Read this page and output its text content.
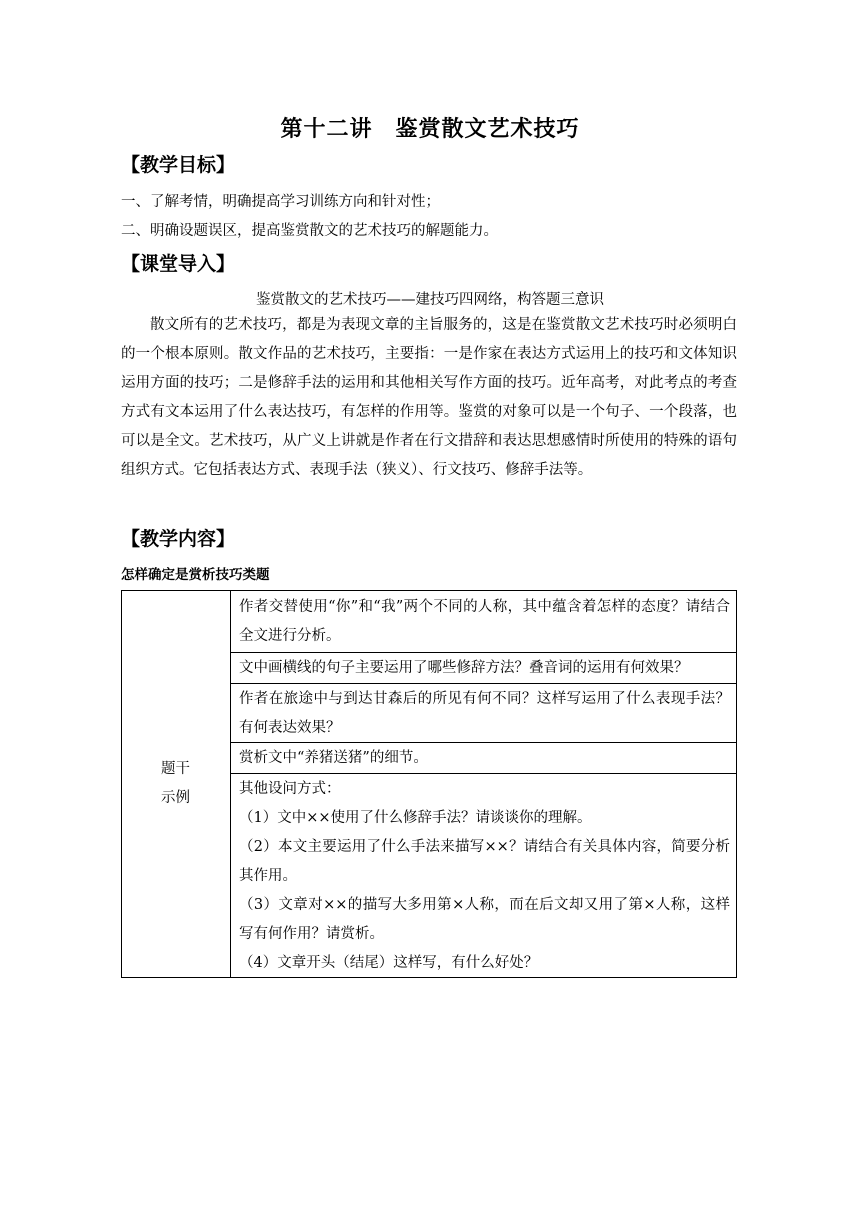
第十二讲　鉴赏散文艺术技巧
【教学目标】
一、了解考情，明确提高学习训练方向和针对性；
二、明确设题误区，提高鉴赏散文的艺术技巧的解题能力。
【课堂导入】
鉴赏散文的艺术技巧——建技巧四网络，构答题三意识

散文所有的艺术技巧，都是为表现文章的主旨服务的，这是在鉴赏散文艺术技巧时必须明白的一个根本原则。散文作品的艺术技巧，主要指：一是作家在表达方式运用上的技巧和文体知识运用方面的技巧；二是修辞手法的运用和其他相关写作方面的技巧。近年高考，对此考点的考查方式有文本运用了什么表达技巧，有怎样的作用等。鉴赏的对象可以是一个句子、一个段落，也可以是全文。艺术技巧，从广义上讲就是作者在行文措辞和表达思想感情时所使用的特殊的语句组织方式。它包括表达方式、表现手法（狭义）、行文技巧、修辞手法等。

【教学内容】
怎样确定是赏析技巧类题
题干
示例

作者交替使用“你”和“我”两个不同的人称，其中蕴含着怎样的态度？请结合全文进行分析。

文中画横线的句子主要运用了哪些修辞方法？叠音词的运用有何效果？

作者在旅途中与到达甘森后的所见有何不同？这样写运用了什么表现手法？有何表达效果？

赏析文中“养猪送猪”的细节。

其他设问方式：

（1）文中××使用了什么修辞手法？请谈谈你的理解。

（2）本文主要运用了什么手法来描写××？请结合有关具体内容，简要分析其作用。

（3）文章对××的描写大多用第×人称，而在后文却又用了第×人称，这样写有何作用？请赏析。

（4）文章开头（结尾）这样写，有什么好处？
